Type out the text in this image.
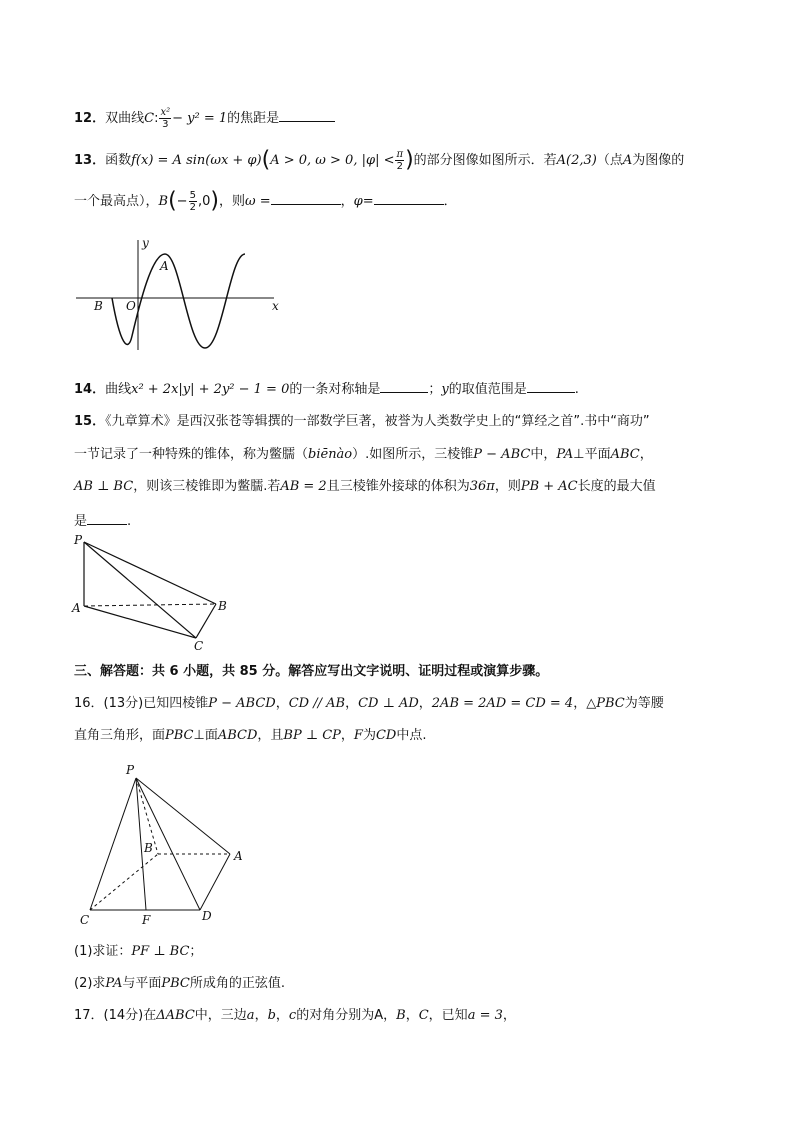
12．双曲线C: $\frac{\text{x²}}{3} - y^2 = 1$的焦距是
13．函数f(x) = A sin(ωx + φ)(A > 0, ω > 0, $|\varphi| < \frac{\pi}{2}$ )的部分图像如图所示．若A(2,3)（点A为图像的
一个最高点），$B(- \frac{5}{2} ,0)$，则ω =	，φ=	．
y
A
B O	x
14．曲线x² + 2x|y| + 2y² − 1 = 0的一条对称轴是	；y的取值范围是	.
15．《九章算术》是西汉张苍等辑撰的一部数学巨著，被誉为人类数学史上的“算经之首”.书中“商功”
一节记录了一种特殊的锥体，称为鳖臑（biēnào）.如图所示，三棱锥P − ABC中，PA⊥平面ABC，
AB ⊥ BC，则该三棱锥即为鳖臑.若AB = 2且三棱锥外接球的体积为36π，则PB + AC长度的最大值
是	.
P
A	B
C
三、解答题：共 6 小题，共 85 分。解答应写出文字说明、证明过程或演算步骤。
16．(13分)已知四棱锥P − ABCD，CD // AB，CD ⊥ AD，2AB = 2AD = CD = 4，△PBC为等腰
直角三角形，面PBC⊥面ABCD，且BP ⊥ CP，F为CD中点.
P
B
A
C	F	D
(1)求证：PF ⊥ BC；
(2)求PA与平面PBC所成角的正弦值.
17．(14分)在ΔABC中，三边a，b，c的对角分别为A，B，C，已知a = 3，
